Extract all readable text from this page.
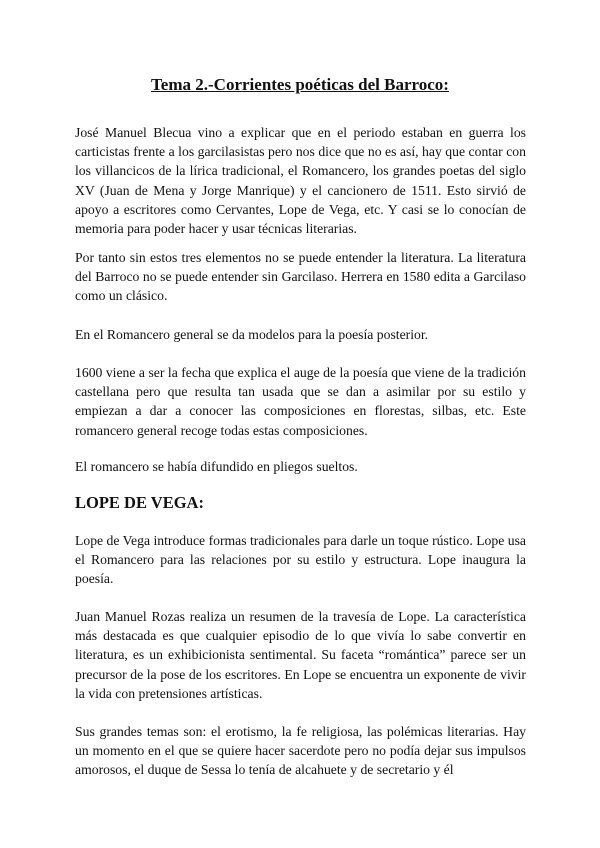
Tema 2.-Corrientes poéticas del Barroco:

José Manuel Blecua vino a explicar que en el periodo estaban en guerra los carticistas frente a los garcilasistas pero nos dice que no es así, hay que contar con los villancicos de la lírica tradicional, el Romancero, los grandes poetas del siglo XV (Juan de Mena y Jorge Manrique) y el cancionero de 1511. Esto sirvió de apoyo a escritores como Cervantes, Lope de Vega, etc. Y casi se lo conocían de memoria para poder hacer y usar técnicas literarias.

Por tanto sin estos tres elementos no se puede entender la literatura. La literatura del Barroco no se puede entender sin Garcilaso. Herrera en 1580 edita a Garcilaso como un clásico.

En el Romancero general se da modelos para la poesía posterior.

1600 viene a ser la fecha que explica el auge de la poesía que viene de la tradición castellana pero que resulta tan usada que se dan a asimilar por su estilo y empiezan a dar a conocer las composiciones en florestas, silbas, etc. Este romancero general recoge todas estas composiciones.

El romancero se había difundido en pliegos sueltos.

LOPE DE VEGA:

Lope de Vega introduce formas tradicionales para darle un toque rústico. Lope usa el Romancero para las relaciones por su estilo y estructura. Lope inaugura la poesía.

Juan Manuel Rozas realiza un resumen de la travesía de Lope. La característica más destacada es que cualquier episodio de lo que vivía lo sabe convertir en literatura, es un exhibicionista sentimental. Su faceta “romántica” parece ser un precursor de la pose de los escritores. En Lope se encuentra un exponente de vivir la vida con pretensiones artísticas.

Sus grandes temas son: el erotismo, la fe religiosa, las polémicas literarias. Hay un momento en el que se quiere hacer sacerdote pero no podía dejar sus impulsos amorosos, el duque de Sessa lo tenía de alcahuete y de secretario y él
